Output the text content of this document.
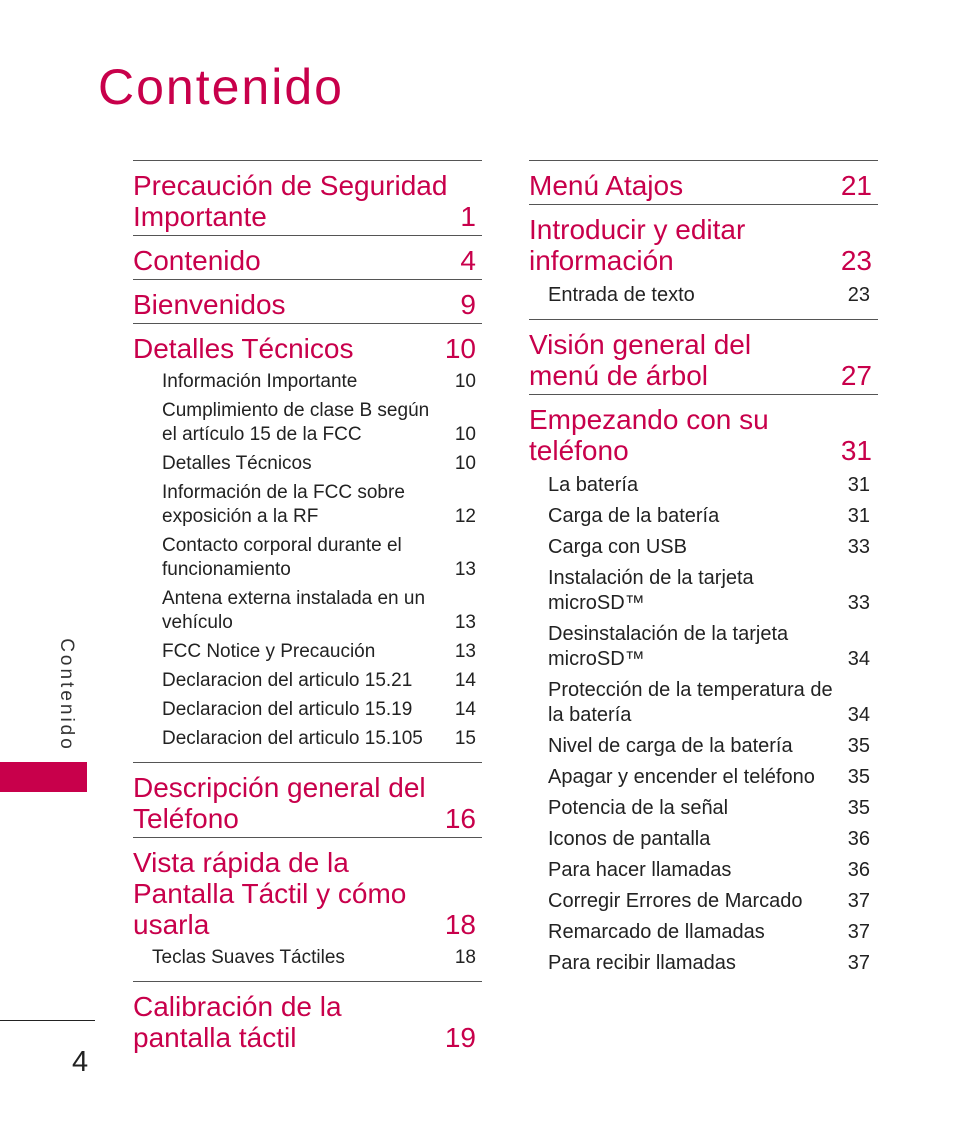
Contenido
Contenido
Precaución de Seguridad Importante	1
Contenido	4
Bienvenidos	9
Detalles Técnicos	10
Información Importante	10
Cumplimiento de clase B según el artículo 15 de la FCC	10
Detalles Técnicos	10
Información de la FCC sobre exposición a la RF	12
Contacto corporal durante el funcionamiento	13
Antena externa instalada en un vehículo	13
FCC Notice y Precaución	13
Declaracion del articulo 15.21	14
Declaracion del articulo 15.19	14
Declaracion del articulo 15.105	15
Descripción general del Teléfono	16
Vista rápida de la Pantalla Táctil y cómo usarla	18
Teclas Suaves Táctiles	18
Calibración de la pantalla táctil	19
Menú Atajos	21
Introducir y editar información	23
Entrada de texto	23
Visión general del menú de árbol	27
Empezando con su teléfono	31
La batería	31
Carga de la batería	31
Carga con USB	33
Instalación de la tarjeta microSD™	33
Desinstalación de la tarjeta microSD™	34
Protección de la temperatura de la batería	34
Nivel de carga de la batería	35
Apagar y encender el teléfono	35
Potencia de la señal	35
Iconos de pantalla	36
Para hacer llamadas	36
Corregir Errores de Marcado	37
Remarcado de llamadas	37
Para recibir llamadas	37
4
